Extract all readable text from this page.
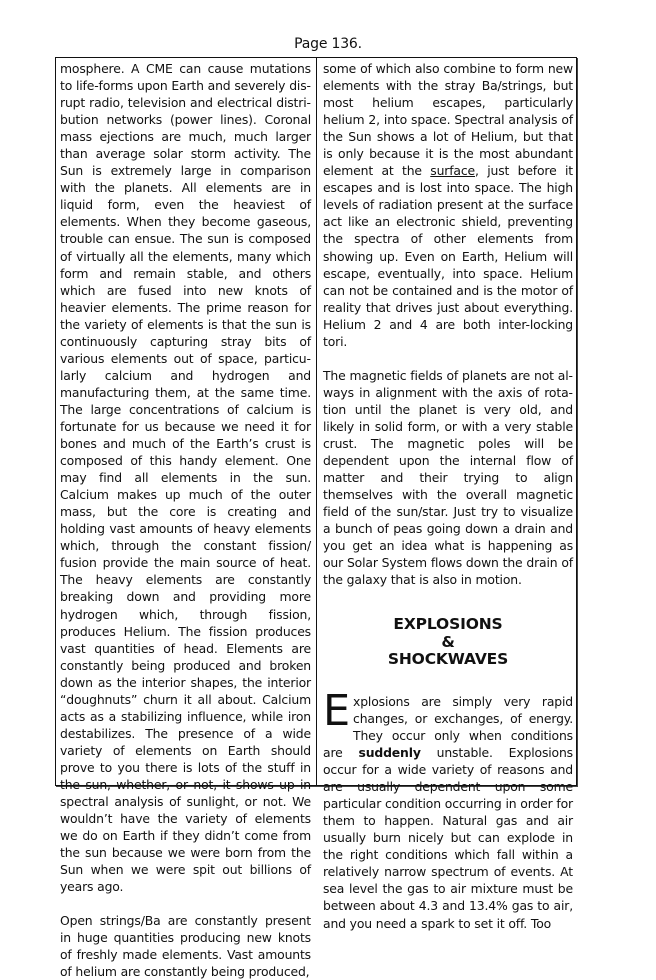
Page 136.

mosphere. A CME can cause mutations to life-forms upon Earth and severely disrupt radio, television and electrical distribution networks (power lines). Coronal mass ejections are much, much larger than average solar storm activity. The Sun is extremely large in comparison with the planets. All elements are in liquid form, even the heaviest of elements. When they become gaseous, trouble can ensue. The sun is composed of virtually all the elements, many which form and remain stable, and others which are fused into new knots of heavier elements. The prime reason for the variety of elements is that the sun is continuously capturing stray bits of various elements out of space, particularly calcium and hydrogen and manufacturing them, at the same time. The large concentrations of calcium is fortunate for us because we need it for bones and much of the Earth’s crust is composed of this handy element. One may find all elements in the sun. Calcium makes up much of the outer mass, but the core is creating and holding vast amounts of heavy elements which, through the constant fission/ fusion provide the main source of heat. The heavy elements are constantly breaking down and providing more hydrogen which, through fission, produces Helium. The fission produces vast quantities of head. Elements are constantly being produced and broken down as the interior shapes, the interior “doughnuts” churn it all about. Calcium acts as a stabilizing influence, while iron destabilizes. The presence of a wide variety of elements on Earth should prove to you there is lots of the stuff in the sun, whether, or not, it shows up in spectral analysis of sunlight, or not. We wouldn’t have the variety of elements we do on Earth if they didn’t come from the sun because we were born from the Sun when we were spit out billions of years ago.

Open strings/Ba are constantly present in huge quantities producing new knots of freshly made elements. Vast amounts of helium are constantly being produced,

some of which also combine to form new elements with the stray Ba/strings, but most helium escapes, particularly helium 2, into space. Spectral analysis of the Sun shows a lot of Helium, but that is only because it is the most abundant element at the surface, just before it escapes and is lost into space. The high levels of radiation present at the surface act like an electronic shield, preventing the spectra of other elements from showing up. Even on Earth, Helium will escape, eventually, into space. Helium can not be contained and is the motor of reality that drives just about everything. Helium 2 and 4 are both inter-locking tori.

The magnetic fields of planets are not always in alignment with the axis of rotation until the planet is very old, and likely in solid form, or with a very stable crust. The magnetic poles will be dependent upon the internal flow of matter and their trying to align themselves with the overall magnetic field of the sun/star. Just try to visualize a bunch of peas going down a drain and you get an idea what is happening as our Solar System flows down the drain of the galaxy that is also in motion.

EXPLOSIONS
&
SHOCKWAVES

Explosions are simply very rapid changes, or exchanges, of energy. They occur only when conditions are suddenly unstable. Explosions occur for a wide variety of reasons and are usually dependent upon some particular condition occurring in order for them to happen. Natural gas and air usually burn nicely but can explode in the right conditions which fall within a relatively narrow spectrum of events. At sea level the gas to air mixture must be between about 4.3 and 13.4% gas to air, and you need a spark to set it off. Too
